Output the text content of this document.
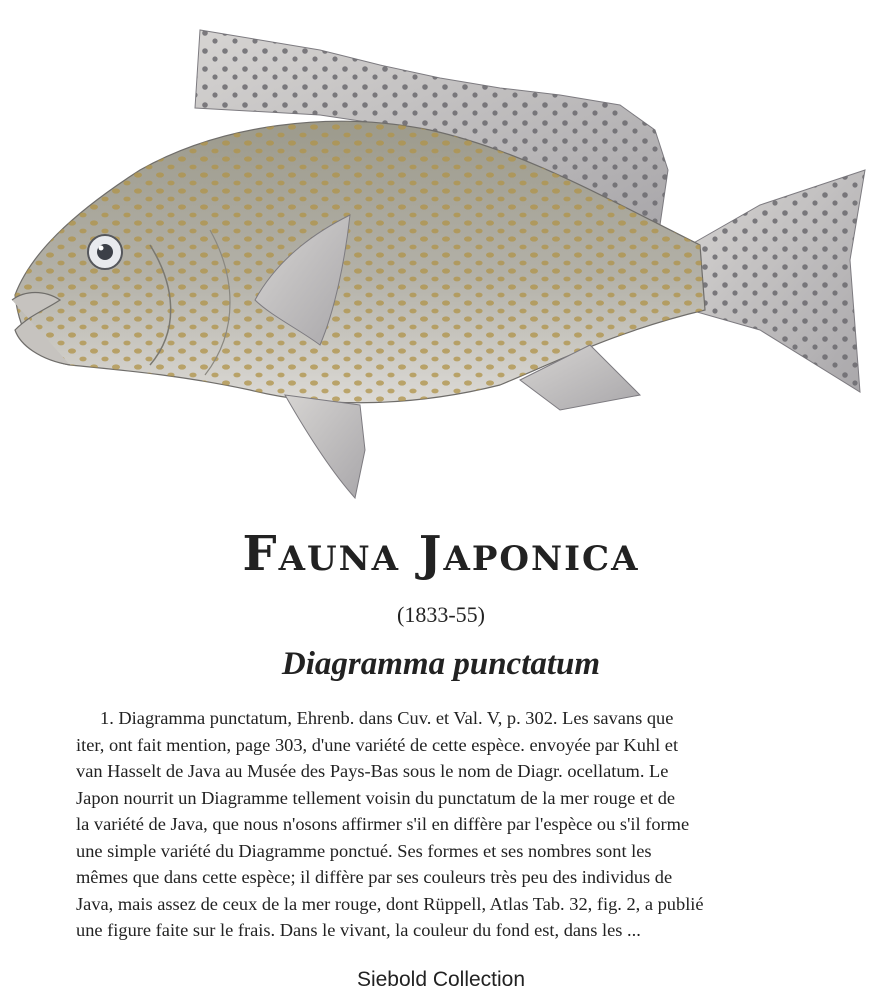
Fauna Japonica
(1833-55)
Diagramma punctatum

1. Diagramma punctatum, Ehrenb. dans Cuv. et Val. V, p. 302. Les savans que
iter, ont fait mention, page 303, d'une variété de cette espèce. envoyée par Kuhl et
van Hasselt de Java au Musée des Pays-Bas sous le nom de Diagr. ocellatum. Le
Japon nourrit un Diagramme tellement voisin du punctatum de la mer rouge et de
la variété de Java, que nous n'osons affirmer s'il en diffère par l'espèce ou s'il forme
une simple variété du Diagramme ponctué. Ses formes et ses nombres sont les
mêmes que dans cette espèce; il diffère par ses couleurs très peu des individus de
Java, mais assez de ceux de la mer rouge, dont Rüppell, Atlas Tab. 32, fig. 2, a publié
une figure faite sur le frais. Dans le vivant, la couleur du fond est, dans les ...

Siebold Collection
